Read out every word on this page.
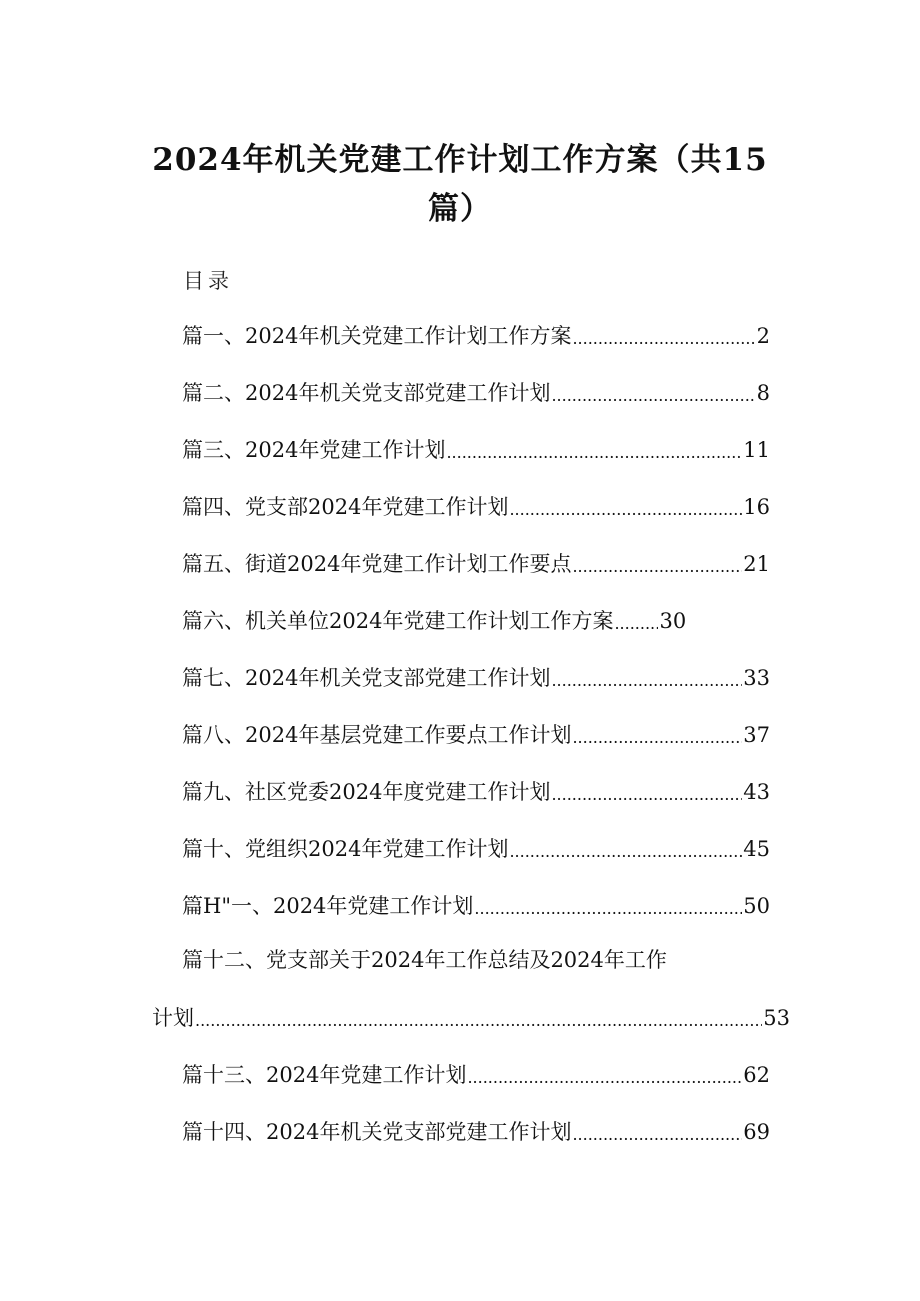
2024年机关党建工作计划工作方案（共15
篇）
目录
篇一、2024年机关党建工作计划工作方案 .....	2
篇二、2024年机关党支部党建工作计划 .....	8
篇三、2024年党建工作计划 .....	11
篇四、党支部2024年党建工作计划 .....	16
篇五、街道2024年党建工作计划工作要点 .....	21
篇六、机关单位2024年党建工作计划工作方案 ..... 30
篇七、2024年机关党支部党建工作计划 .....	33
篇八、2024年基层党建工作要点工作计划 .....	37
篇九、社区党委2024年度党建工作计划 .....	43
篇十、党组织2024年党建工作计划 .....	45
篇H"一、2024年党建工作计划 .....	50
篇十二、党支部关于2024年工作总结及2024年工作
计划 .....	53
篇十三、2024年党建工作计划 .....	62
篇十四、2024年机关党支部党建工作计划 .....	69
